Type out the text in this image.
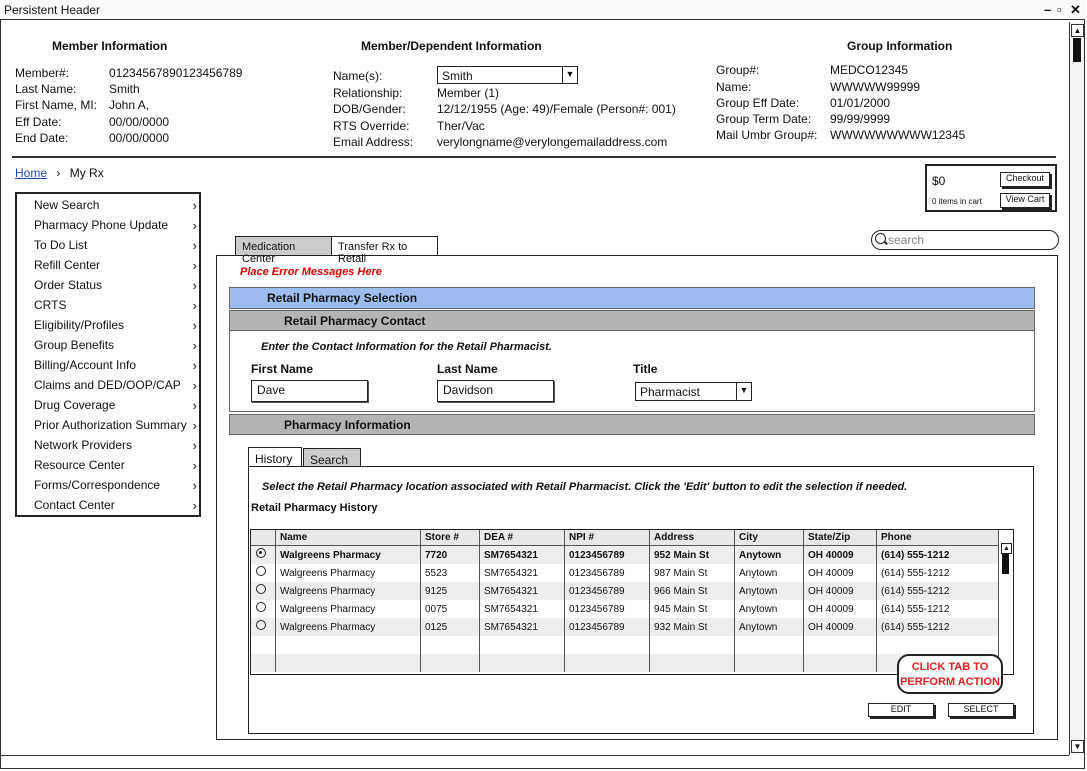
Persistent Header	– ▫ ✕
▲
▼
Member Information
Member#:	01234567890123456789
Last Name:	Smith
First Name, MI: John A,
Eff Date:	00/00/0000
End Date:	00/00/0000
Member/Dependent Information
Name(s):	Smith	▼
Relationship:	Member (1)
DOB/Gender:	12/12/1955 (Age: 49)/Female (Person#: 001)
RTS Override: Ther/Vac
Email Address: verylongname@verylongemailaddress.com
Group Information
Group#:	MEDCO12345
Name:	WWWWW99999
Group Eff Date:	01/01/2000
Group Term Date: 99/99/9999
Mail Umbr Group#: WWWWWWWWW12345
Home › My Rx
New Search	›
Pharmacy Phone Update ›
To Do List	›
Refill Center	›
Order Status	›
CRTS	›
Eligibility/Profiles	›
Group Benefits	›
Billing/Account Info	›
Claims and DED/OOP/CAP ›
Drug Coverage	›
Prior Authorization Summary ›
Network Providers	›
Resource Center	›
Forms/Correspondence	›
Contact Center	›
$0
0 items in cart
Checkout
View Cart
search
Medication Center
Transfer Rx to Retail
Place Error Messages Here
Retail Pharmacy Selection
Retail Pharmacy Contact
Enter the Contact Information for the Retail Pharmacist.
First Name
Dave
Last Name
Davidson
Title
Pharmacist	▼
Pharmacy Information
History	Search
Select the Retail Pharmacy location associated with Retail Pharmacist. Click the 'Edit' button to edit the selection if needed.
Retail Pharmacy History
	Name	Store #	DEA #	NPI #	Address	City	State/Zip	Phone
	Walgreens Pharmacy	7720	SM7654321	0123456789	952 Main St	Anytown	OH 40009	(614) 555-1212
	Walgreens Pharmacy	5523	SM7654321	0123456789	987 Main St	Anytown	OH 40009	(614) 555-1212
	Walgreens Pharmacy	9125	SM7654321	0123456789	966 Main St	Anytown	OH 40009	(614) 555-1212
	Walgreens Pharmacy	0075	SM7654321	0123456789	945 Main St	Anytown	OH 40009	(614) 555-1212
	Walgreens Pharmacy	0125	SM7654321	0123456789	932 Main St	Anytown	OH 40009	(614) 555-1212

▲
CLICK TAB TO PERFORM ACTION
EDIT	SELECT
